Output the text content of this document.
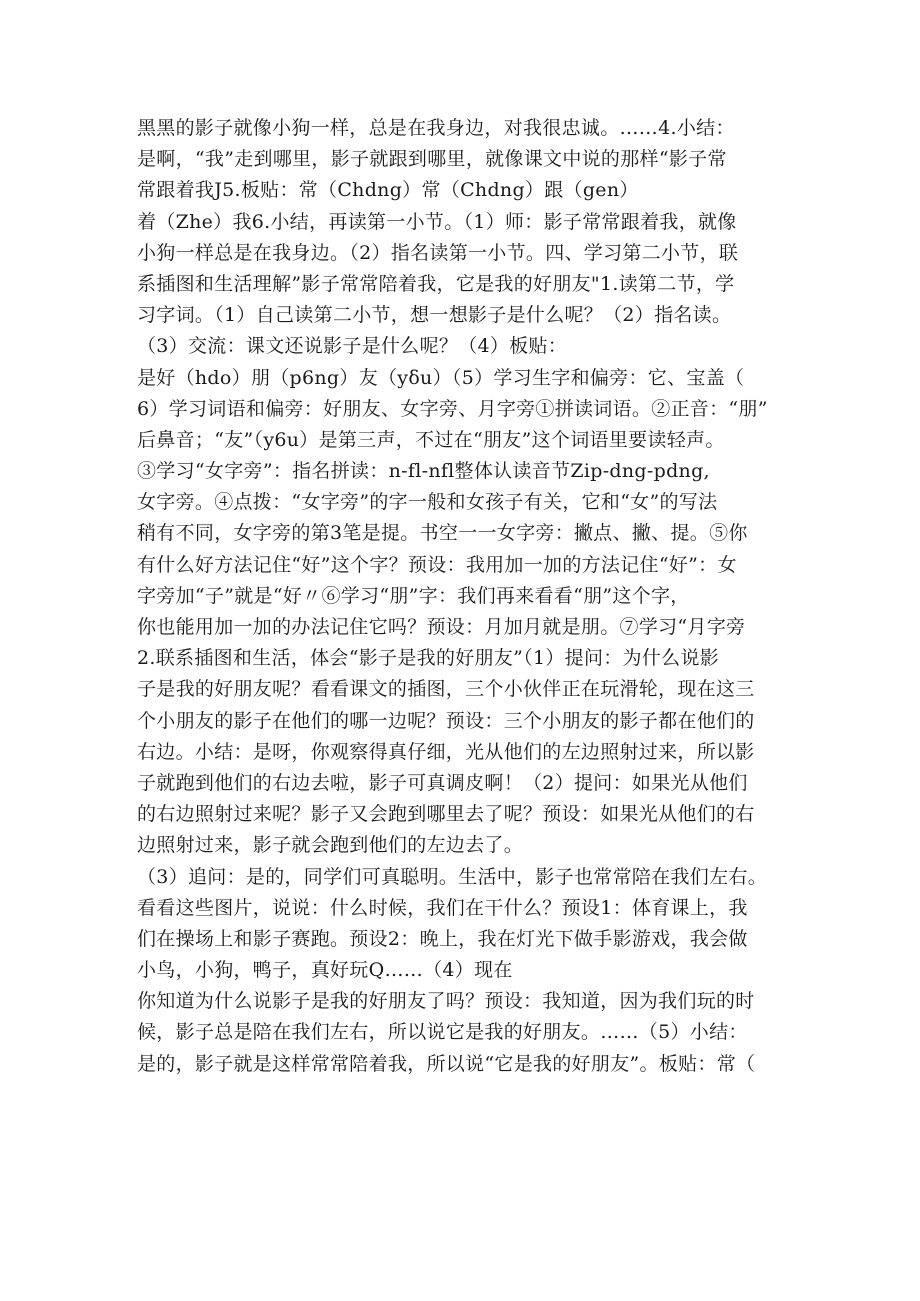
黑黑的影子就像小狗一样，总是在我身边，对我很忠诚。……4.小结：
是啊，“我”走到哪里，影子就跟到哪里，就像课文中说的那样“影子常
常跟着我J5.板贴：常（Chdng）常（Chdng）跟（gen）
着（Zhe）我6.小结，再读第一小节。（1）师：影子常常跟着我，就像
小狗一样总是在我身边。（2）指名读第一小节。四、学习第二小节，联
系插图和生活理解”影子常常陪着我，它是我的好朋友"1.读第二节，学
习字词。（1）自己读第二小节，想一想影子是什么呢？（2）指名读。
（3）交流：课文还说影子是什么呢？（4）板贴：
是好（hdo）朋（p6ng）友（yδu）（5）学习生字和偏旁：它、宝盖（
6）学习词语和偏旁：好朋友、女字旁、月字旁①拼读词语。②正音：“朋”
后鼻音；“友”（y6u）是第三声，不过在“朋友”这个词语里要读轻声。
③学习“女字旁”：指名拼读：n-fl-nfl整体认读音节Zip-dng-pdng,
女字旁。④点拨：“女字旁”的字一般和女孩子有关，它和“女”的写法
稍有不同，女字旁的第3笔是提。书空一一女字旁：撇点、撇、提。⑤你
有什么好方法记住“好”这个字？预设：我用加一加的方法记住“好”：女
字旁加“子”就是“好〃⑥学习“朋”字：我们再来看看“朋”这个字，
你也能用加一加的办法记住它吗？预设：月加月就是朋。⑦学习“月字旁
2.联系插图和生活，体会“影子是我的好朋友”（1）提问：为什么说影
子是我的好朋友呢？看看课文的插图，三个小伙伴正在玩滑轮，现在这三
个小朋友的影子在他们的哪一边呢？预设：三个小朋友的影子都在他们的
右边。小结：是呀，你观察得真仔细，光从他们的左边照射过来，所以影
子就跑到他们的右边去啦，影子可真调皮啊！（2）提问：如果光从他们
的右边照射过来呢？影子又会跑到哪里去了呢？预设：如果光从他们的右
边照射过来，影子就会跑到他们的左边去了。
（3）追问：是的，同学们可真聪明。生活中，影子也常常陪在我们左右。
看看这些图片，说说：什么时候，我们在干什么？预设1：体育课上，我
们在操场上和影子赛跑。预设2：晚上，我在灯光下做手影游戏，我会做
小鸟，小狗，鸭子，真好玩Q……（4）现在
你知道为什么说影子是我的好朋友了吗？预设：我知道，因为我们玩的时
候，影子总是陪在我们左右，所以说它是我的好朋友。……（5）小结：
是的，影子就是这样常常陪着我，所以说“它是我的好朋友”。板贴：常（
